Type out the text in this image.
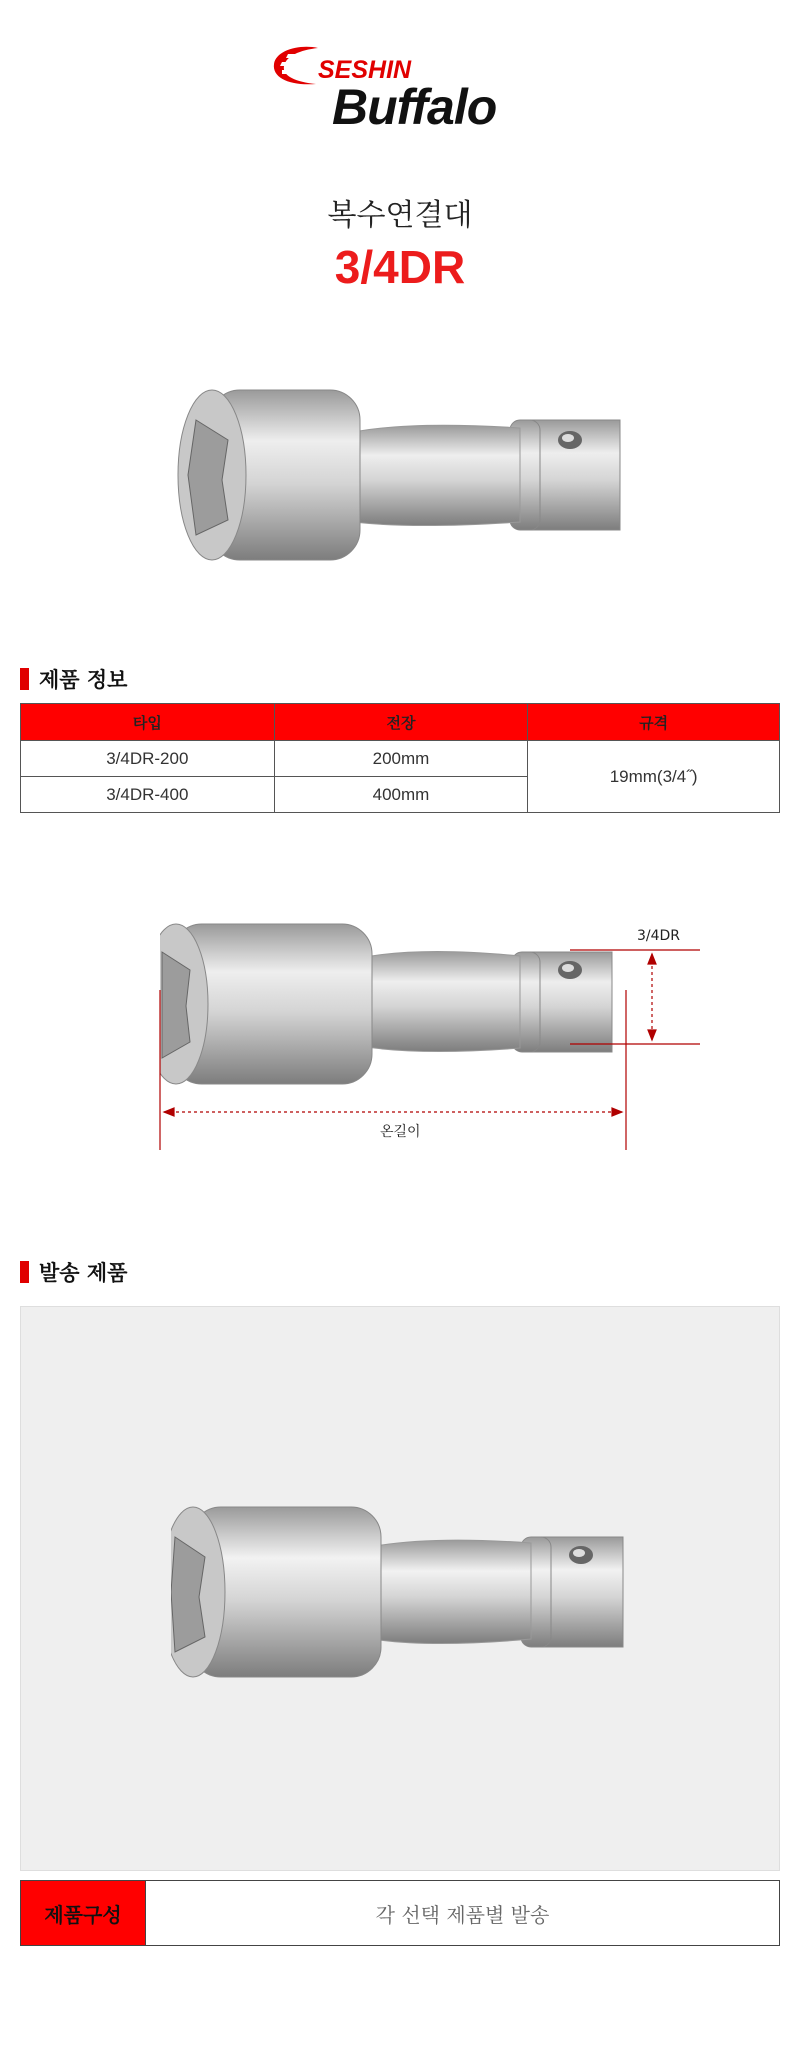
SESHIN
Buffalo
복수연결대
3/4DR
제품 정보
타입	전장	규격
3/4DR-200	200mm	19mm(3/4˝)
3/4DR-400	400mm	
3/4DR
온길이
발송 제품
제품구성	각 선택 제품별 발송
